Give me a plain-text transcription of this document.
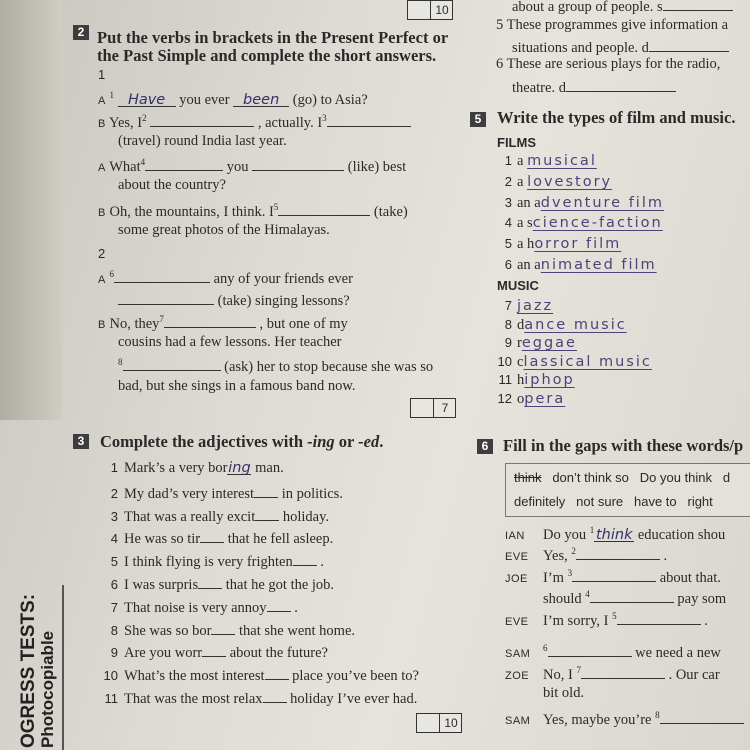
10	about a group of people. s
5 These programmes give information a
situations and people. d
6 These are serious plays for the radio,
theatre. d
2 Put the verbs in brackets in the Present Perfect or
the Past Simple and complete the short answers.
1
A $^1$ Have you ever been (go) to Asia?
B Yes, $I^2$	, actually. $I^3$
(travel) round India last year.
A What$^4$	you	(like) best
about the country?
B Oh, the mountains, I think. $I^5$	(take)
some great photos of the Himalayas.
2
A $^6$	any of your friends ever
(take) singing lessons?
B No, they$^7$	, but one of my
cousins had a few lessons. Her teacher
$^8$	(ask) her to stop because she was so
bad, but she sings in a famous band now.
7
3 Complete the adjectives with -ing or -ed.
1 Mark’s a very boring man.
2 My dad’s very interest in politics.
3 That was a really excit holiday.
4 He was so tir that he fell asleep.
5 I think flying is very frighten .
6 I was surpris that he got the job.
7 That noise is very annoy .
8 She was so bor that she went home.
9 Are you worr about the future?
10 What’s the most interest place you’ve been to?
11 That was the most relax holiday I’ve ever had.
10
OGRESS TESTS: Photocopiable
5 Write the types of film and music.
FILMS
1 a musical
2 a lovestory
3 an adventure film
4 a science-faction
5 a horror film
6 an animated film
MUSIC
7 jazz
8 dance music
9 reggae
10 classical music
11 hiphop
12 opera
6 Fill in the gaps with these words/p
think don’t think so Do you think d
definitely not sure have to right
IAN Do you $^1$ think education shou
EVE Yes, $^2$	.
JOE I’m $^3$	about that.
should $^4$	pay som
EVE I’m sorry, I $^5$	.
SAM $^6$	we need a new
ZOE No, I $^7$	. Our car
bit old.
SAM Yes, maybe you’re $^8$
